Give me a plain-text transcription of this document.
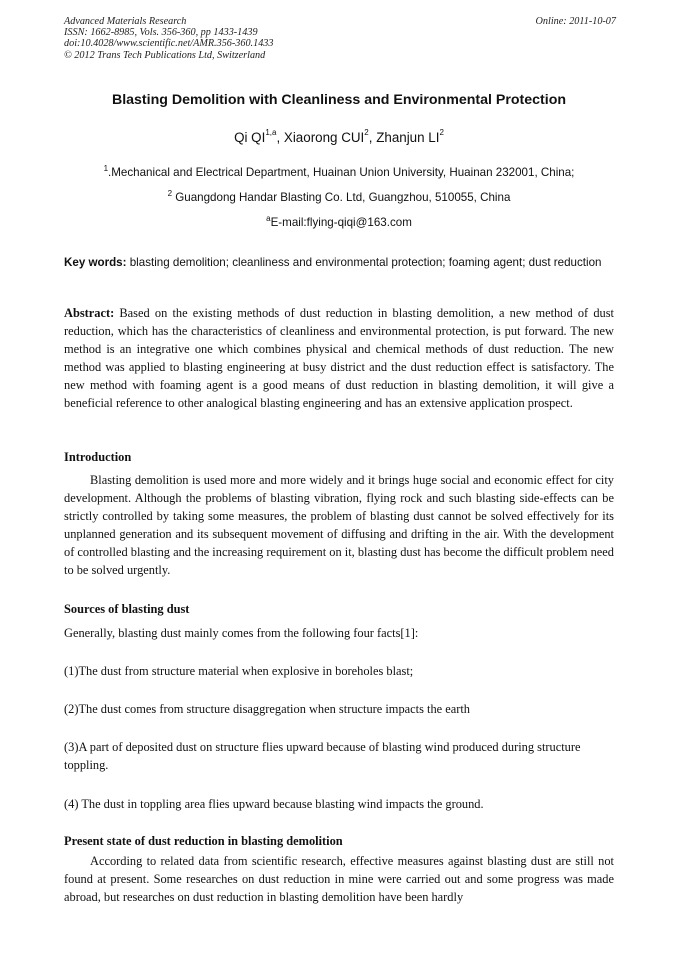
Advanced Materials Research
ISSN: 1662-8985, Vols. 356-360, pp 1433-1439
doi:10.4028/www.scientific.net/AMR.356-360.1433
© 2012 Trans Tech Publications Ltd, Switzerland
Online: 2011-10-07
Blasting Demolition with Cleanliness and Environmental Protection
Qi QI$^{1,a}$, Xiaorong CUI$^2$, Zhanjun $LI^2$
$^1$.Mechanical and Electrical Department, Huainan Union University, Huainan 232001, China;
$^2$ Guangdong Handar Blasting Co. Ltd, Guangzhou, 510055, China
$^a$E-mail:flying-qiqi@163.com
Key words: blasting demolition; cleanliness and environmental protection; foaming agent; dust reduction
Abstract: Based on the existing methods of dust reduction in blasting demolition, a new method of dust reduction, which has the characteristics of cleanliness and environmental protection, is put forward. The new method is an integrative one which combines physical and chemical methods of dust reduction. The new method was applied to blasting engineering at busy district and the dust reduction effect is satisfactory. The new method with foaming agent is a good means of dust reduction in blasting demolition, it will give a beneficial reference to other analogical blasting engineering and has an extensive application prospect.
Introduction
Blasting demolition is used more and more widely and it brings huge social and economic effect for city development. Although the problems of blasting vibration, flying rock and such blasting side-effects can be strictly controlled by taking some measures, the problem of blasting dust cannot be solved effectively for its unplanned generation and its subsequent movement of diffusing and drifting in the air. With the development of controlled blasting and the increasing requirement on it, blasting dust has become the difficult problem need to be solved urgently.
Sources of blasting dust
Generally, blasting dust mainly comes from the following four facts[1]:
(1)The dust from structure material when explosive in boreholes blast;
(2)The dust comes from structure disaggregation when structure impacts the earth
(3)A part of deposited dust on structure flies upward because of blasting wind produced during structure toppling.
(4) The dust in toppling area flies upward because blasting wind impacts the ground.
Present state of dust reduction in blasting demolition
According to related data from scientific research, effective measures against blasting dust are still not found at present. Some researches on dust reduction in mine were carried out and some progress was made abroad, but researches on dust reduction in blasting demolition have been hardly
